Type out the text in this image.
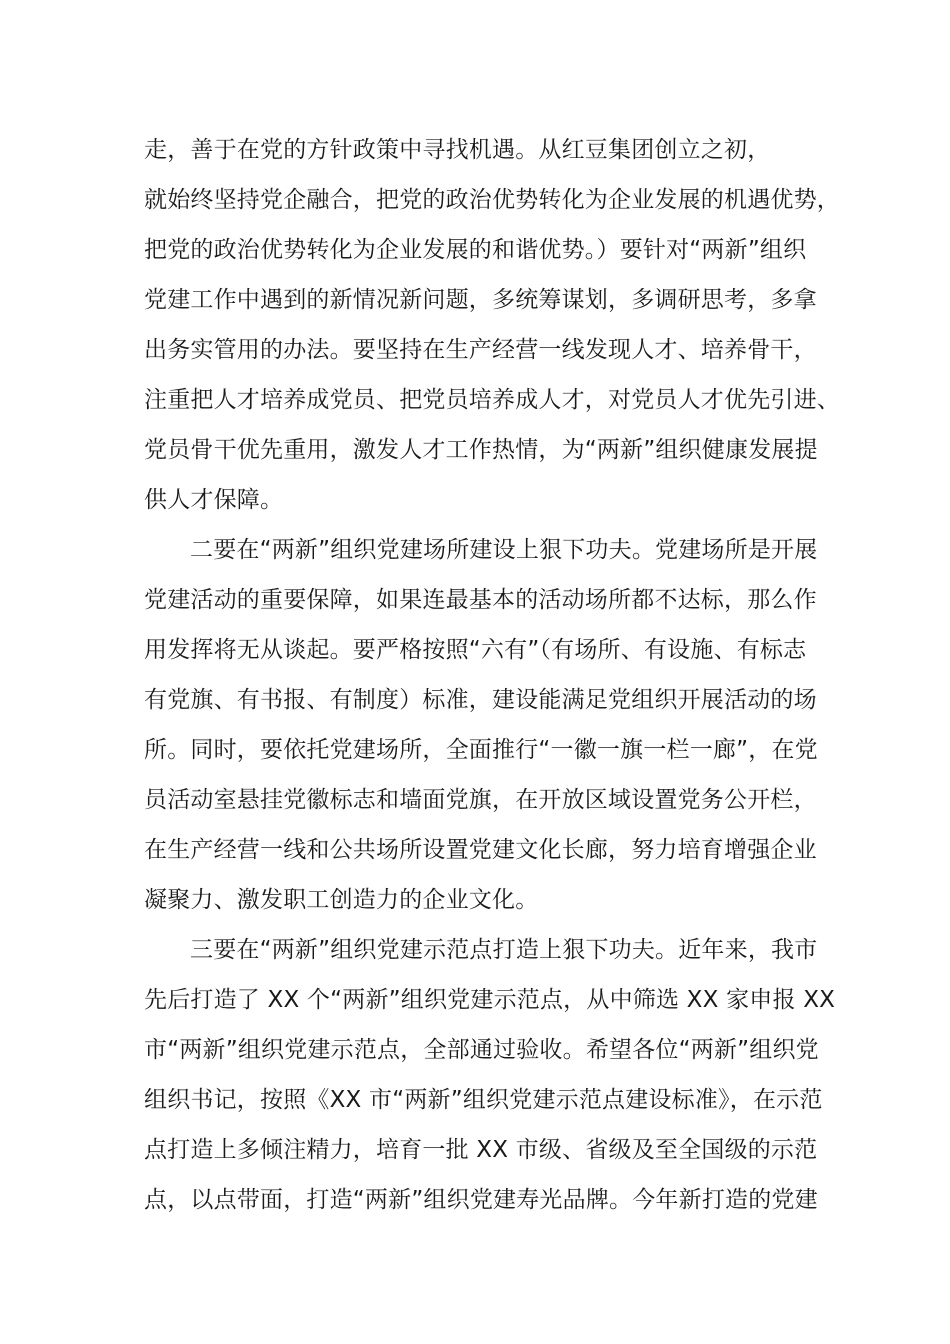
走，善于在党的方针政策中寻找机遇。从红豆集团创立之初，
就始终坚持党企融合，把党的政治优势转化为企业发展的机遇优势，
把党的政治优势转化为企业发展的和谐优势。）要针对“两新”组织
党建工作中遇到的新情况新问题，多统筹谋划，多调研思考，多拿
出务实管用的办法。要坚持在生产经营一线发现人才、培养骨干，
注重把人才培养成党员、把党员培养成人才，对党员人才优先引进、
党员骨干优先重用，激发人才工作热情，为“两新”组织健康发展提
供人才保障。
二要在“两新”组织党建场所建设上狠下功夫。党建场所是开展
党建活动的重要保障，如果连最基本的活动场所都不达标，那么作
用发挥将无从谈起。要严格按照“六有”（有场所、有设施、有标志
有党旗、有书报、有制度）标准，建设能满足党组织开展活动的场
所。同时，要依托党建场所，全面推行“一徽一旗一栏一廊”，在党
员活动室悬挂党徽标志和墙面党旗，在开放区域设置党务公开栏，
在生产经营一线和公共场所设置党建文化长廊，努力培育增强企业
凝聚力、激发职工创造力的企业文化。
三要在“两新”组织党建示范点打造上狠下功夫。近年来，我市
先后打造了 XX 个“两新”组织党建示范点，从中筛选 XX 家申报 XX
市“两新”组织党建示范点，全部通过验收。希望各位“两新”组织党
组织书记，按照《XX 市“两新”组织党建示范点建设标准》，在示范
点打造上多倾注精力，培育一批 XX 市级、省级及至全国级的示范
点，以点带面，打造“两新”组织党建寿光品牌。今年新打造的党建
